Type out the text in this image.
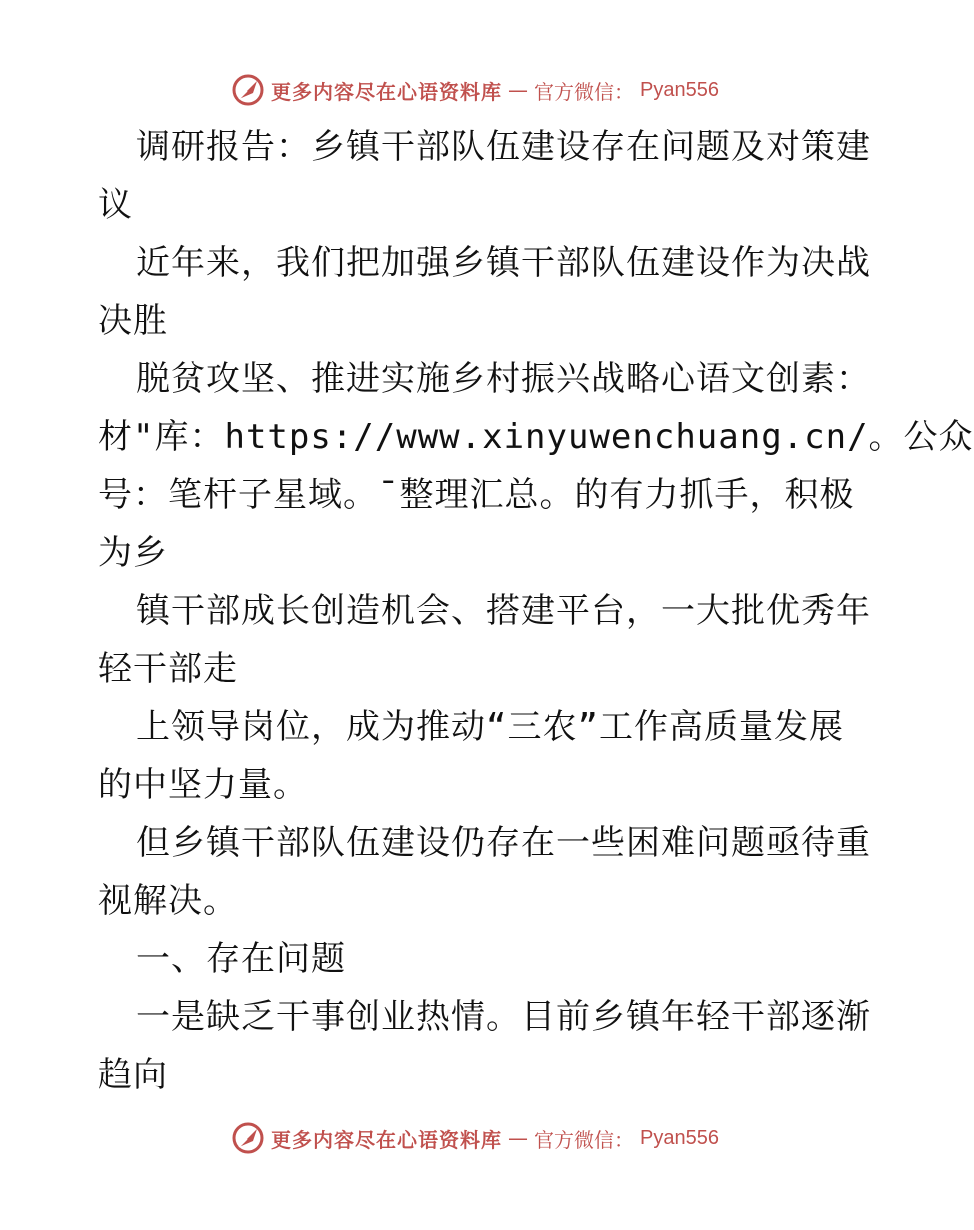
更多内容尽在心语资料库 — 官方微信： Pyan556
调研报告：乡镇干部队伍建设存在问题及对策建
议
近年来，我们把加强乡镇干部队伍建设作为决战
决胜
脱贫攻坚、推进实施乡村振兴战略心语文创素：
材"库：https://www.xinyuwenchuang.cn/。公众
号：笔杆子星域。¯整理汇总。的有力抓手，积极
为乡
镇干部成长创造机会、搭建平台，一大批优秀年
轻干部走
上领导岗位，成为推动“三农”工作高质量发展
的中坚力量。
但乡镇干部队伍建设仍存在一些困难问题亟待重
视解决。
一、存在问题
一是缺乏干事创业热情。目前乡镇年轻干部逐渐
趋向
更多内容尽在心语资料库 — 官方微信： Pyan556
